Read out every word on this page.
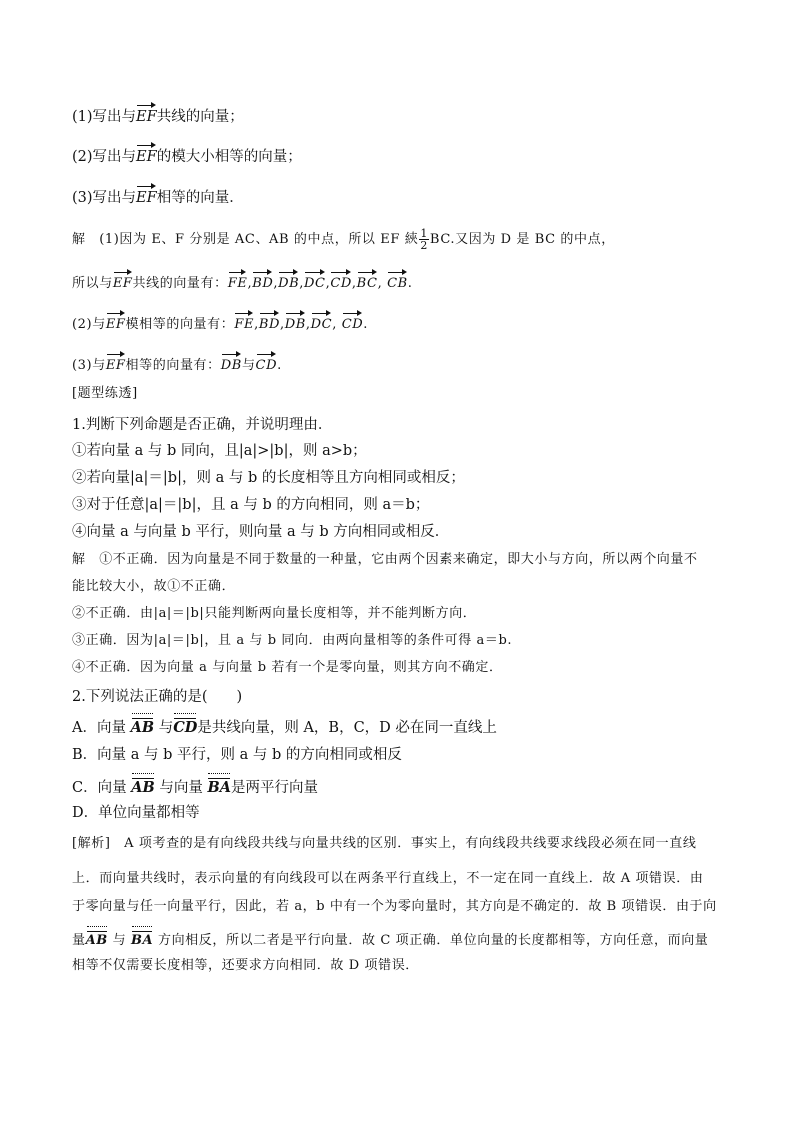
(1)写出与EF共线的向量；
(2)写出与EF的模大小相等的向量；
(3)写出与EF相等的向量．
解　(1)因为 E、F 分别是 AC、AB 的中点，所以 EF 綊 $\frac{1}{2}$ BC.又因为 D 是 BC 的中点，
所以与EF共线的向量有：FE,BD,DB,DC,CD,BC, CB.
(2)与EF模相等的向量有：FE,BD,DB,DC, CD.
(3)与EF相等的向量有：DB与CD.
[题型练透]
1.判断下列命题是否正确，并说明理由．
①若向量 a 与 b 同向，且|a|>|b|，则 a>b；
②若向量|a|＝|b|，则 a 与 b 的长度相等且方向相同或相反；
③对于任意|a|＝|b|，且 a 与 b 的方向相同，则 a＝b；
④向量 a 与向量 b 平行，则向量 a 与 b 方向相同或相反．
解　①不正确．因为向量是不同于数量的一种量，它由两个因素来确定，即大小与方向，所以两个向量不
能比较大小，故①不正确．
②不正确．由|a|＝|b|只能判断两向量长度相等，并不能判断方向．
③正确．因为|a|＝|b|，且 a 与 b 同向．由两向量相等的条件可得 a＝b.
④不正确．因为向量 a 与向量 b 若有一个是零向量，则其方向不确定．
2.下列说法正确的是(　　)
A．向量 AB 与CD是共线向量，则 A，B，C，D 必在同一直线上
B．向量 a 与 b 平行，则 a 与 b 的方向相同或相反
C．向量 AB 与向量 BA是两平行向量
D．单位向量都相等
[解析]　A 项考查的是有向线段共线与向量共线的区别．事实上，有向线段共线要求线段必须在同一直线
上．而向量共线时，表示向量的有向线段可以在两条平行直线上，不一定在同一直线上．故 A 项错误．由
于零向量与任一向量平行，因此，若 a，b 中有一个为零向量时，其方向是不确定的．故 B 项错误．由于向
量AB 与 BA 方向相反，所以二者是平行向量．故 C 项正确．单位向量的长度都相等，方向任意，而向量
相等不仅需要长度相等，还要求方向相同．故 D 项错误．
